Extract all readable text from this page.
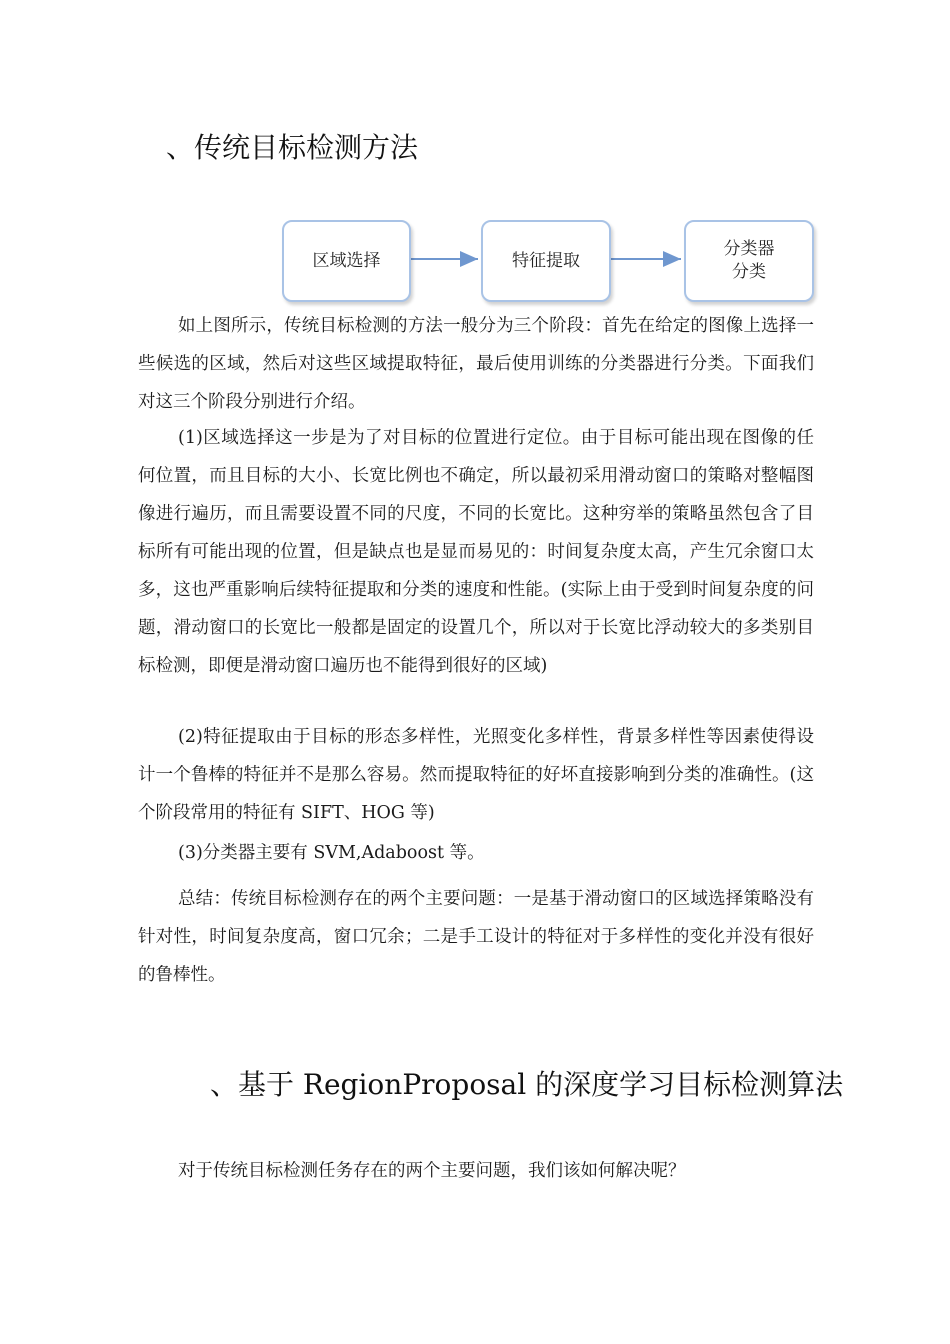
、传统目标检测方法
区域选择	特征提取
分类器
分类

如上图所示，传统目标检测的方法一般分为三个阶段：首先在给定的图像上选择一些候选的区域，然后对这些区域提取特征，最后使用训练的分类器进行分类。下面我们对这三个阶段分别进行介绍。

(1)区域选择这一步是为了对目标的位置进行定位。由于目标可能出现在图像的任何位置，而且目标的大小、长宽比例也不确定，所以最初采用滑动窗口的策略对整幅图像进行遍历，而且需要设置不同的尺度，不同的长宽比。这种穷举的策略虽然包含了目标所有可能出现的位置，但是缺点也是显而易见的：时间复杂度太高，产生冗余窗口太多，这也严重影响后续特征提取和分类的速度和性能。(实际上由于受到时间复杂度的问题，滑动窗口的长宽比一般都是固定的设置几个，所以对于长宽比浮动较大的多类别目标检测，即便是滑动窗口遍历也不能得到很好的区域)

(2)特征提取由于目标的形态多样性，光照变化多样性，背景多样性等因素使得设计一个鲁棒的特征并不是那么容易。然而提取特征的好坏直接影响到分类的准确性。(这个阶段常用的特征有 SIFT、HOG 等)

(3)分类器主要有 SVM,Adaboost 等。

总结：传统目标检测存在的两个主要问题：一是基于滑动窗口的区域选择策略没有针对性，时间复杂度高，窗口冗余；二是手工设计的特征对于多样性的变化并没有很好的鲁棒性。

、基于 RegionProposal 的深度学习目标检测算法

对于传统目标检测任务存在的两个主要问题，我们该如何解决呢？
